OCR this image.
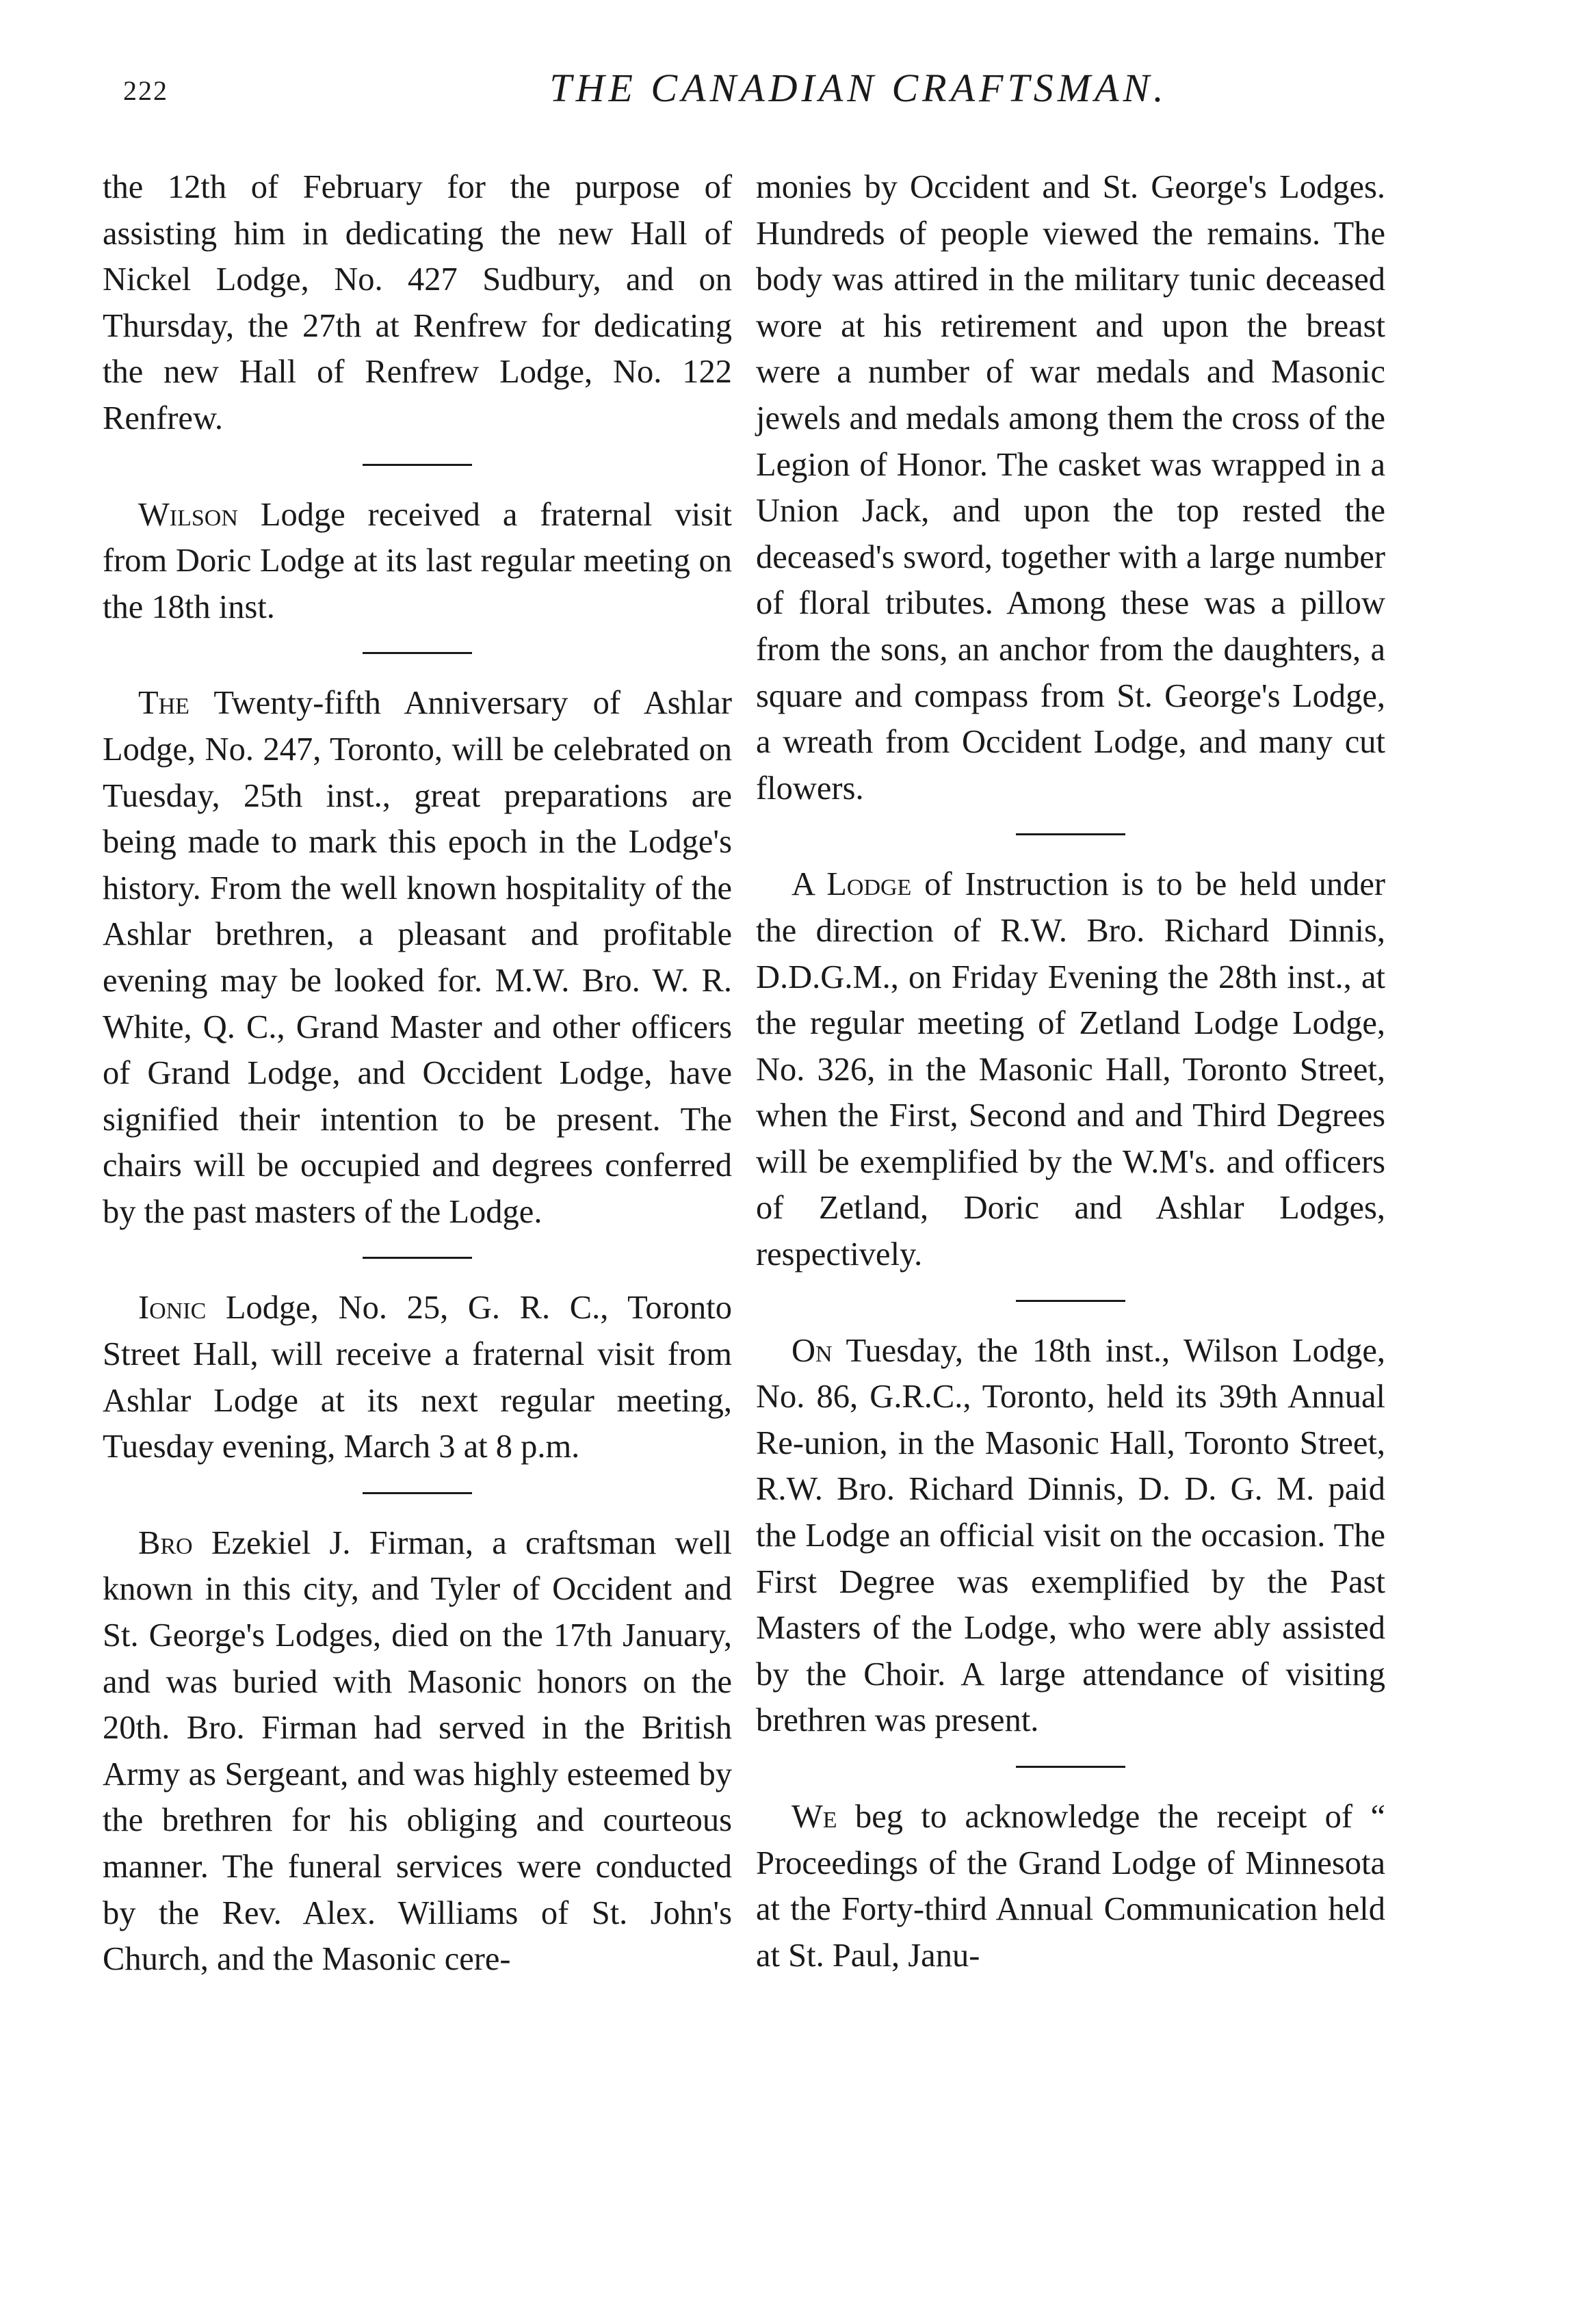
222	THE CANADIAN CRAFTSMAN.

the 12th of February for the purpose of assisting him in dedicating the new Hall of Nickel Lodge, No. 427 Sudbury, and on Thursday, the 27th at Renfrew for dedicating the new Hall of Renfrew Lodge, No. 122 Renfrew.

Wilson Lodge received a fraternal visit from Doric Lodge at its last regular meeting on the 18th inst.

The Twenty-fifth Anniversary of Ashlar Lodge, No. 247, Toronto, will be celebrated on Tuesday, 25th inst., great preparations are being made to mark this epoch in the Lodge's history. From the well known hospitality of the Ashlar brethren, a pleasant and profitable evening may be looked for. M.W. Bro. W. R. White, Q. C., Grand Master and other officers of Grand Lodge, and Occident Lodge, have signified their intention to be present. The chairs will be occupied and degrees conferred by the past masters of the Lodge.

Ionic Lodge, No. 25, G. R. C., Toronto Street Hall, will receive a fraternal visit from Ashlar Lodge at its next regular meeting, Tuesday evening, March 3 at 8 p.m.

Bro Ezekiel J. Firman, a craftsman well known in this city, and Tyler of Occident and St. George's Lodges, died on the 17th January, and was buried with Masonic honors on the 20th. Bro. Firman had served in the British Army as Sergeant, and was highly esteemed by the brethren for his obliging and courteous manner. The funeral services were conducted by the Rev. Alex. Williams of St. John's Church, and the Masonic cere-

monies by Occident and St. George's Lodges. Hundreds of people viewed the remains. The body was attired in the military tunic deceased wore at his retirement and upon the breast were a number of war medals and Masonic jewels and medals among them the cross of the Legion of Honor. The casket was wrapped in a Union Jack, and upon the top rested the deceased's sword, together with a large number of floral tributes. Among these was a pillow from the sons, an anchor from the daughters, a square and compass from St. George's Lodge, a wreath from Occident Lodge, and many cut flowers.

A Lodge of Instruction is to be held under the direction of R.W. Bro. Richard Dinnis, D.D.G.M., on Friday Evening the 28th inst., at the regular meeting of Zetland Lodge Lodge, No. 326, in the Masonic Hall, Toronto Street, when the First, Second and and Third Degrees will be exemplified by the W.M's. and officers of Zetland, Doric and Ashlar Lodges, respectively.

On Tuesday, the 18th inst., Wilson Lodge, No. 86, G.R.C., Toronto, held its 39th Annual Re-union, in the Masonic Hall, Toronto Street, R.W. Bro. Richard Dinnis, D. D. G. M. paid the Lodge an official visit on the occasion. The First Degree was exemplified by the Past Masters of the Lodge, who were ably assisted by the Choir. A large attendance of visiting brethren was present.

We beg to acknowledge the receipt of “ Proceedings of the Grand Lodge of Minnesota at the Forty-third Annual Communication held at St. Paul, Janu-
